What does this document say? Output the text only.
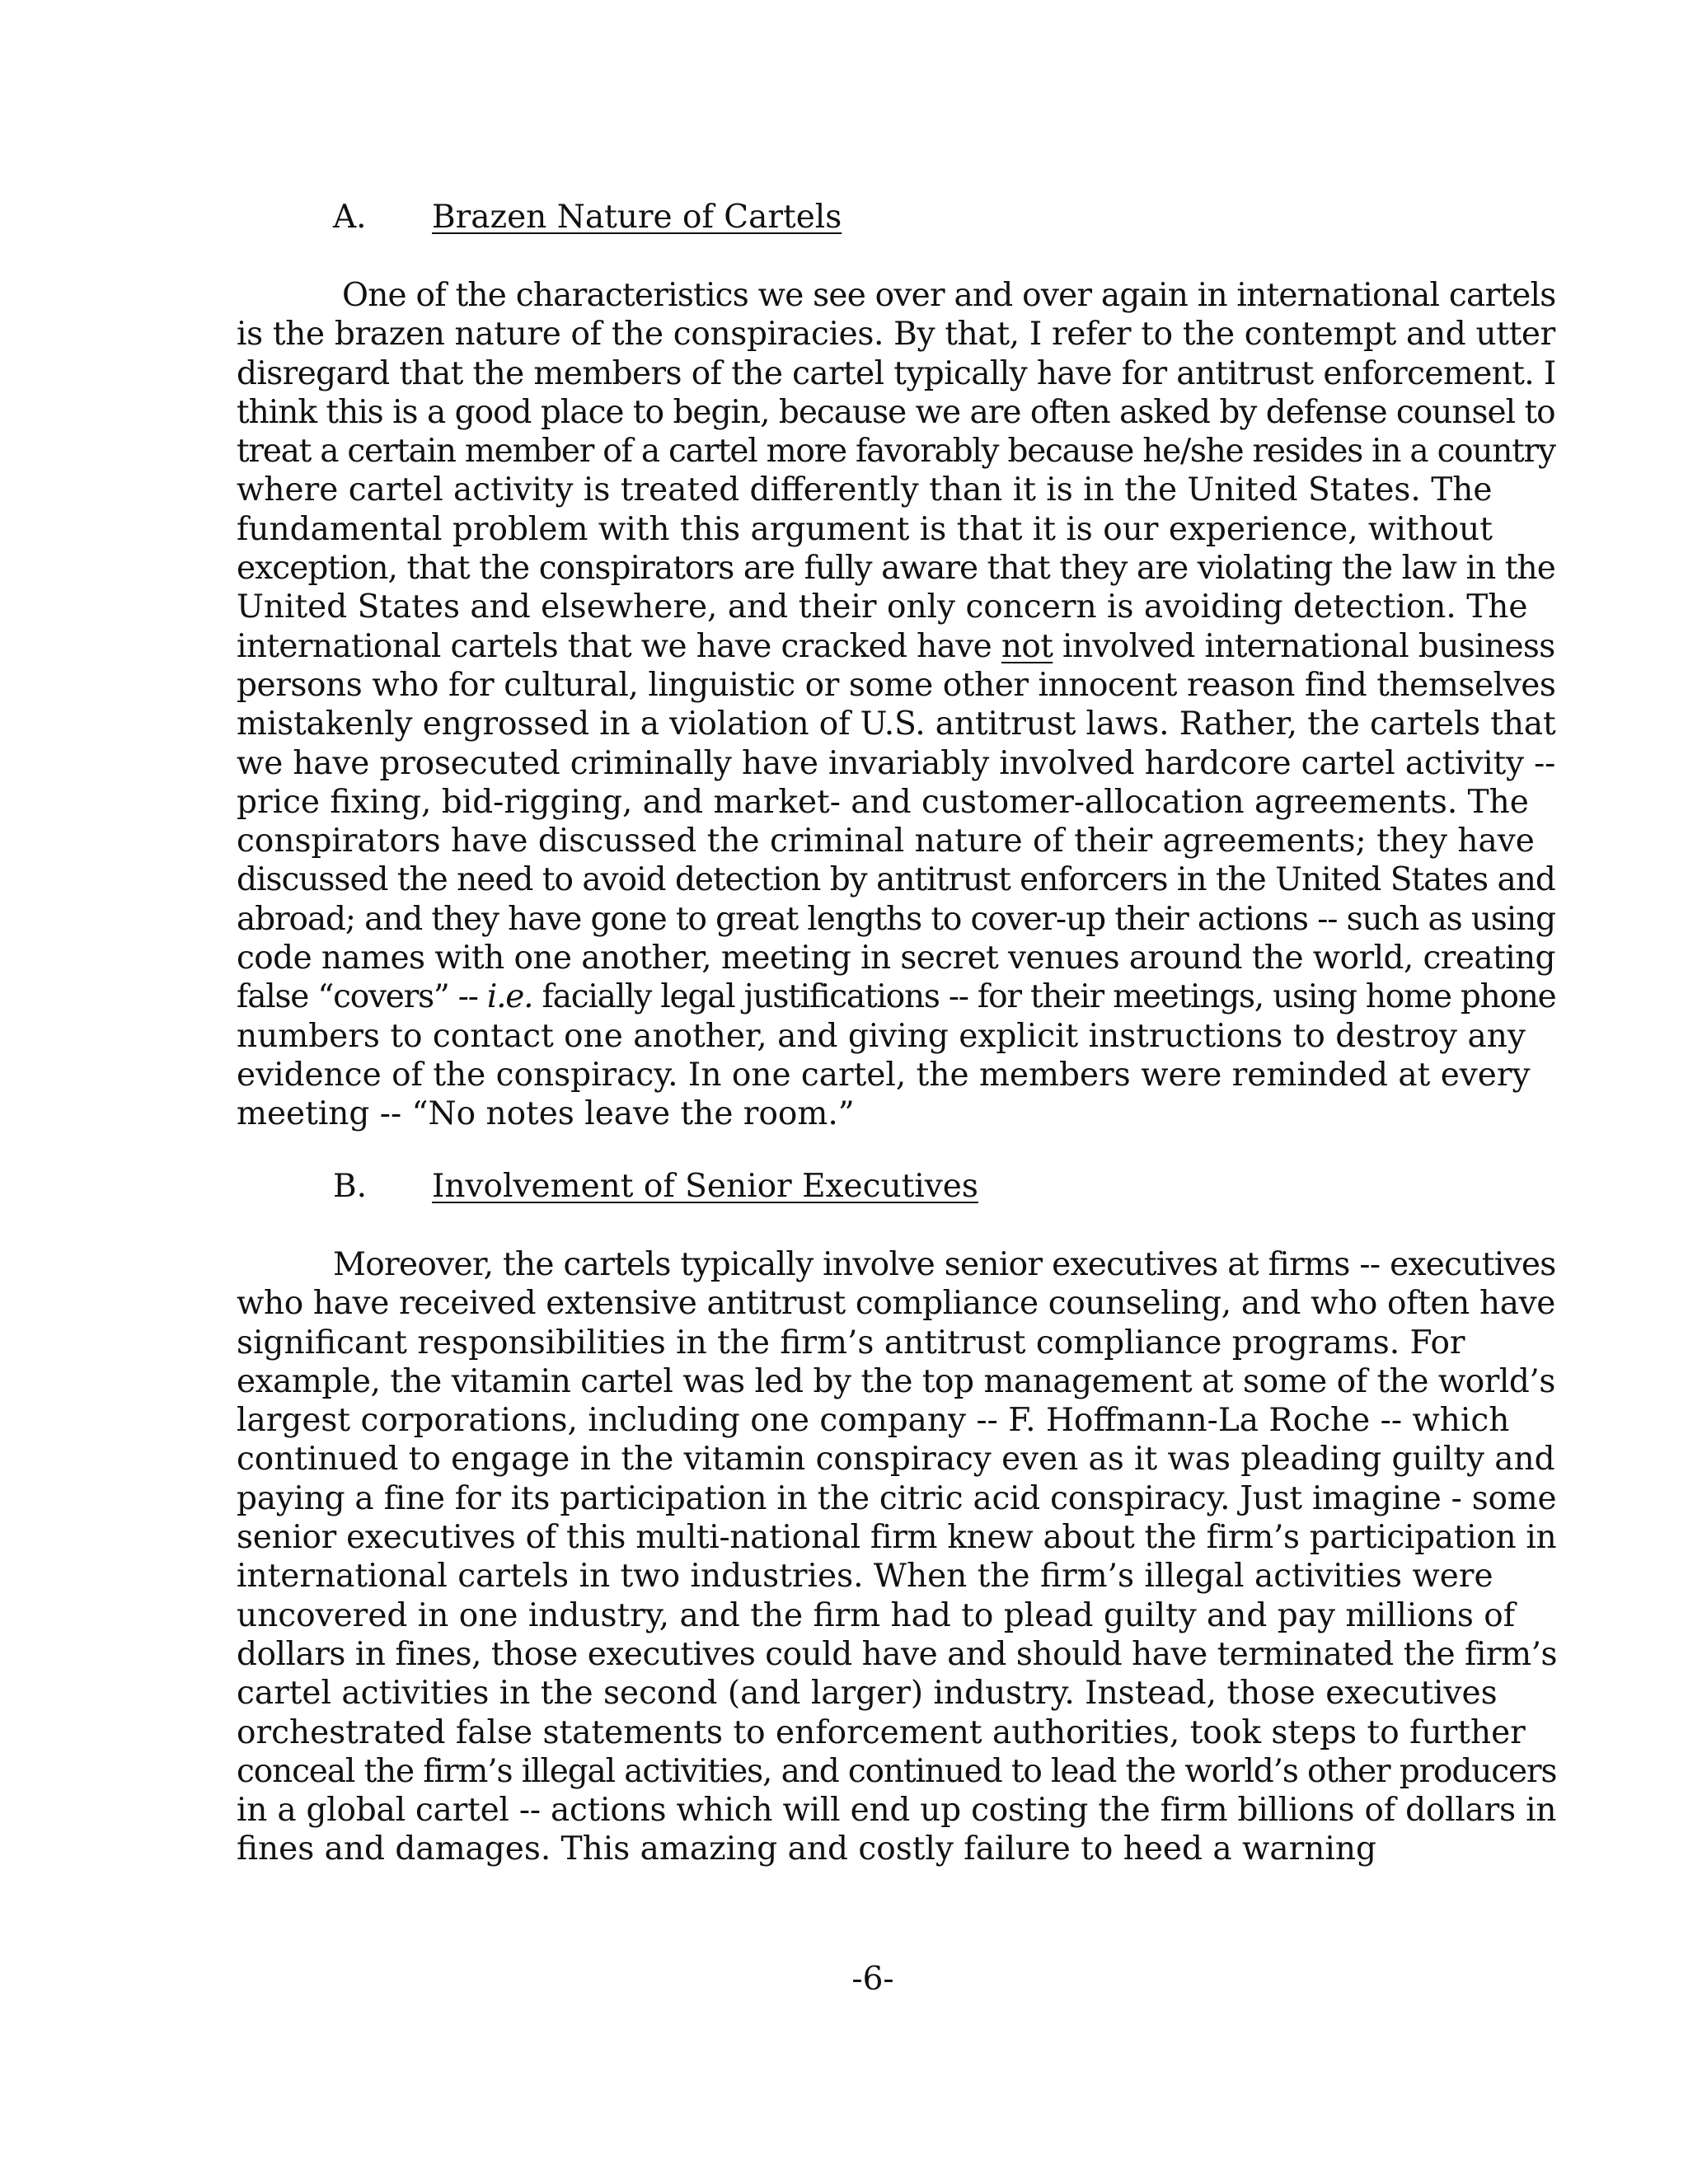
A. Brazen Nature of Cartels
One of the characteristics we see over and over again in international cartels
is the brazen nature of the conspiracies. By that, I refer to the contempt and utter
disregard that the members of the cartel typically have for antitrust enforcement. I
think this is a good place to begin, because we are often asked by defense counsel to
treat a certain member of a cartel more favorably because he/she resides in a country
where cartel activity is treated differently than it is in the United States. The
fundamental problem with this argument is that it is our experience, without
exception, that the conspirators are fully aware that they are violating the law in the
United States and elsewhere, and their only concern is avoiding detection. The
international cartels that we have cracked have not involved international business
persons who for cultural, linguistic or some other innocent reason find themselves
mistakenly engrossed in a violation of U.S. antitrust laws. Rather, the cartels that
we have prosecuted criminally have invariably involved hardcore cartel activity --
price fixing, bid-rigging, and market- and customer-allocation agreements. The
conspirators have discussed the criminal nature of their agreements; they have
discussed the need to avoid detection by antitrust enforcers in the United States and
abroad; and they have gone to great lengths to cover-up their actions -- such as using
code names with one another, meeting in secret venues around the world, creating
false “covers” -- i.e. facially legal justifications -- for their meetings, using home phone
numbers to contact one another, and giving explicit instructions to destroy any
evidence of the conspiracy. In one cartel, the members were reminded at every
meeting -- “No notes leave the room.”
B. Involvement of Senior Executives
Moreover, the cartels typically involve senior executives at firms -- executives
who have received extensive antitrust compliance counseling, and who often have
significant responsibilities in the firm’s antitrust compliance programs. For
example, the vitamin cartel was led by the top management at some of the world’s
largest corporations, including one company -- F. Hoffmann-La Roche -- which
continued to engage in the vitamin conspiracy even as it was pleading guilty and
paying a fine for its participation in the citric acid conspiracy. Just imagine - some
senior executives of this multi-national firm knew about the firm’s participation in
international cartels in two industries. When the firm’s illegal activities were
uncovered in one industry, and the firm had to plead guilty and pay millions of
dollars in fines, those executives could have and should have terminated the firm’s
cartel activities in the second (and larger) industry. Instead, those executives
orchestrated false statements to enforcement authorities, took steps to further
conceal the firm’s illegal activities, and continued to lead the world’s other producers
in a global cartel -- actions which will end up costing the firm billions of dollars in
fines and damages. This amazing and costly failure to heed a warning
-6-
